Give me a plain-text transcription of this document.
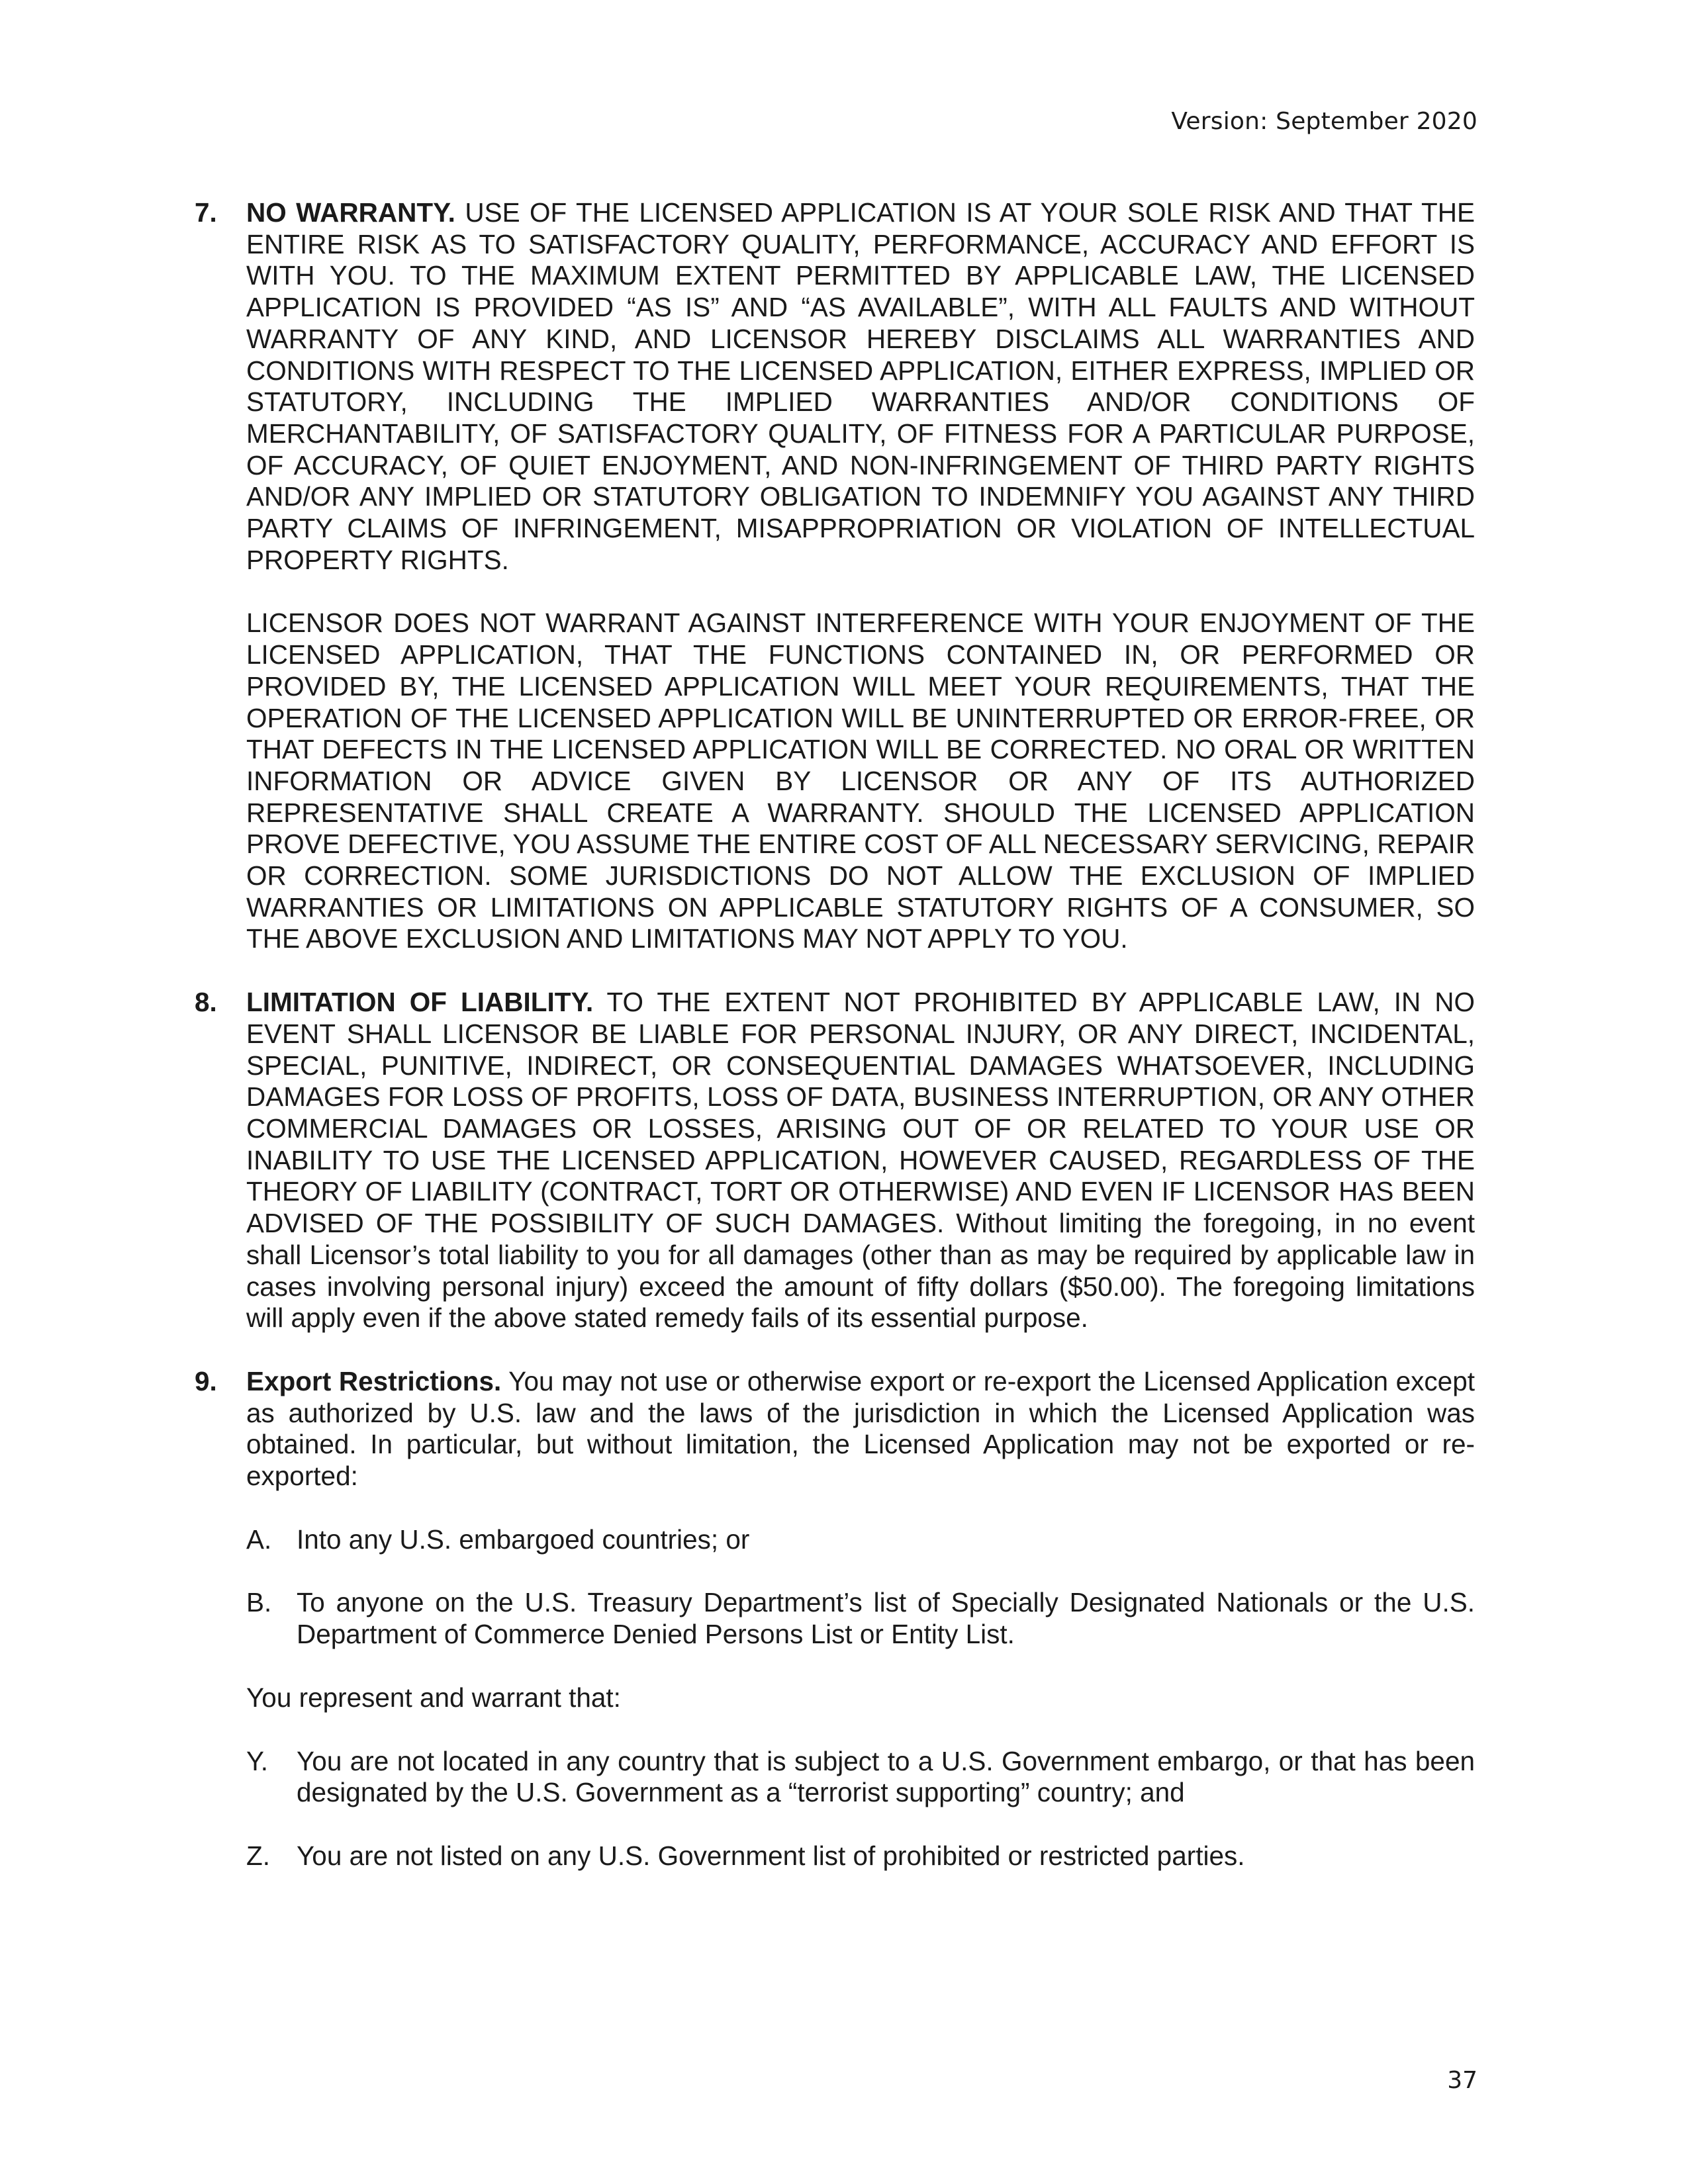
Version: September 2020
7. NO WARRANTY. USE OF THE LICENSED APPLICATION IS AT YOUR SOLE RISK AND THAT THE ENTIRE RISK AS TO SATISFACTORY QUALITY, PERFORMANCE, ACCURACY AND EFFORT IS WITH YOU. TO THE MAXIMUM EXTENT PERMITTED BY APPLICABLE LAW, THE LICENSED APPLICATION IS PROVIDED “AS IS” AND “AS AVAILABLE”, WITH ALL FAULTS AND WITHOUT WARRANTY OF ANY KIND, AND LICENSOR HEREBY DISCLAIMS ALL WARRANTIES AND CONDITIONS WITH RESPECT TO THE LICENSED APPLICATION, EITHER EXPRESS, IMPLIED OR STATUTORY, INCLUDING THE IMPLIED WARRANTIES AND/OR CONDITIONS OF MERCHANTABILITY, OF SATISFACTORY QUALITY, OF FITNESS FOR A PARTICULAR PURPOSE, OF ACCURACY, OF QUIET ENJOYMENT, AND NON-INFRINGEMENT OF THIRD PARTY RIGHTS AND/OR ANY IMPLIED OR STATUTORY OBLIGATION TO INDEMNIFY YOU AGAINST ANY THIRD PARTY CLAIMS OF INFRINGEMENT, MISAPPROPRIATION OR VIOLATION OF INTELLECTUAL PROPERTY RIGHTS.

LICENSOR DOES NOT WARRANT AGAINST INTERFERENCE WITH YOUR ENJOYMENT OF THE LICENSED APPLICATION, THAT THE FUNCTIONS CONTAINED IN, OR PERFORMED OR PROVIDED BY, THE LICENSED APPLICATION WILL MEET YOUR REQUIREMENTS, THAT THE OPERATION OF THE LICENSED APPLICATION WILL BE UNINTERRUPTED OR ERROR-FREE, OR THAT DEFECTS IN THE LICENSED APPLICATION WILL BE CORRECTED. NO ORAL OR WRITTEN INFORMATION OR ADVICE GIVEN BY LICENSOR OR ANY OF ITS AUTHORIZED REPRESENTATIVE SHALL CREATE A WARRANTY. SHOULD THE LICENSED APPLICATION PROVE DEFECTIVE, YOU ASSUME THE ENTIRE COST OF ALL NECESSARY SERVICING, REPAIR OR CORRECTION. SOME JURISDICTIONS DO NOT ALLOW THE EXCLUSION OF IMPLIED WARRANTIES OR LIMITATIONS ON APPLICABLE STATUTORY RIGHTS OF A CONSUMER, SO THE ABOVE EXCLUSION AND LIMITATIONS MAY NOT APPLY TO YOU.

8. LIMITATION OF LIABILITY. TO THE EXTENT NOT PROHIBITED BY APPLICABLE LAW, IN NO EVENT SHALL LICENSOR BE LIABLE FOR PERSONAL INJURY, OR ANY DIRECT, INCIDENTAL, SPECIAL, PUNITIVE, INDIRECT, OR CONSEQUENTIAL DAMAGES WHATSOEVER, INCLUDING DAMAGES FOR LOSS OF PROFITS, LOSS OF DATA, BUSINESS INTERRUPTION, OR ANY OTHER COMMERCIAL DAMAGES OR LOSSES, ARISING OUT OF OR RELATED TO YOUR USE OR INABILITY TO USE THE LICENSED APPLICATION, HOWEVER CAUSED, REGARDLESS OF THE THEORY OF LIABILITY (CONTRACT, TORT OR OTHERWISE) AND EVEN IF LICENSOR HAS BEEN ADVISED OF THE POSSIBILITY OF SUCH DAMAGES. Without limiting the foregoing, in no event shall Licensor’s total liability to you for all damages (other than as may be required by applicable law in cases involving personal injury) exceed the amount of fifty dollars ($50.00). The foregoing limitations will apply even if the above stated remedy fails of its essential purpose.

9. Export Restrictions. You may not use or otherwise export or re-export the Licensed Application except as authorized by U.S. law and the laws of the jurisdiction in which the Licensed Application was obtained. In particular, but without limitation, the Licensed Application may not be exported or re-exported:

A. Into any U.S. embargoed countries; or

B. To anyone on the U.S. Treasury Department’s list of Specially Designated Nationals or the U.S. Department of Commerce Denied Persons List or Entity List.

You represent and warrant that:

Y. You are not located in any country that is subject to a U.S. Government embargo, or that has been designated by the U.S. Government as a “terrorist supporting” country; and

Z. You are not listed on any U.S. Government list of prohibited or restricted parties.

37
